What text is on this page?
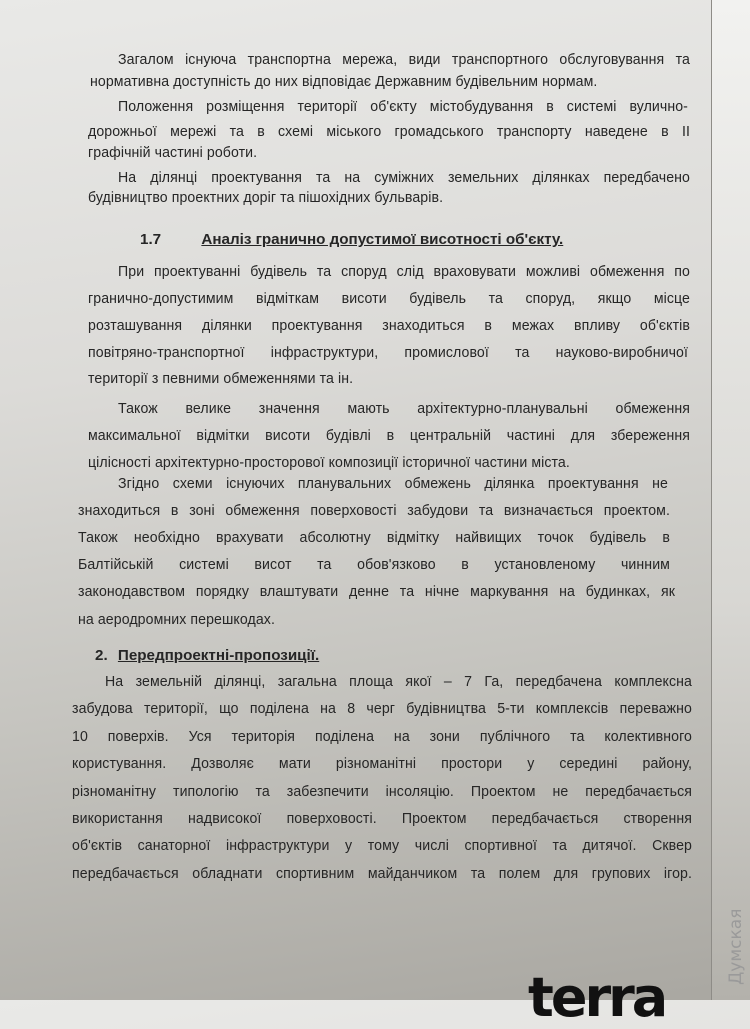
Загалом існуюча транспортна мережа, види транспортного обслуговування та
нормативна доступність до них відповідає Державним будівельним нормам.
Положення розміщення території об'єкту містобудування в системі вулично-
дорожньої мережі та в схемі міського громадського транспорту наведене в II
графічній частині роботи.
На ділянці проектування та на суміжних земельних ділянках передбачено
будівництво проектних доріг та пішохідних бульварів.
При проектуванні будівель та споруд слід враховувати можливі обмеження по
гранично-допустимим відміткам висоти будівель та споруд, якщо місце
розташування ділянки проектування знаходиться в межах впливу об'єктів
повітряно-транспортної інфраструктури, промислової та науково-виробничої
території з певними обмеженнями та ін.
Також велике значення мають архітектурно-планувальні обмеження
максимальної відмітки висоти будівлі в центральній частині для збереження
цілісності архітектурно-просторової композиції історичної частини міста.
Згідно схеми існуючих планувальних обмежень ділянка проектування не
знаходиться в зоні обмеження поверховості забудови та визначається проектом.
Також необхідно врахувати абсолютну відмітку найвищих точок будівель в
Балтійській системі висот та обов'язково в установленому чинним
законодавством порядку влаштувати денне та нічне маркування на будинках, як
на аеродромних перешкодах.
На земельній ділянці, загальна площа якої – 7 Га, передбачена комплексна
забудова території, що поділена на 8 черг будівництва 5-ти комплексів переважно
10 поверхів. Уся територія поділена на зони публічного та колективного
користування. Дозволяє мати різноманітні простори у середині району,
різноманітну типологію та забезпечити інсоляцію. Проектом не передбачається
використання надвисокої поверховості. Проектом передбачається створення
об'єктів санаторної інфраструктури у тому числі спортивної та дитячої. Сквер
передбачається обладнати спортивним майданчиком та полем для групових ігор.
1.7	Аналіз гранично допустимої висотності об'єкту.
2. Передпроектні-пропозиції.
terra
Думская
